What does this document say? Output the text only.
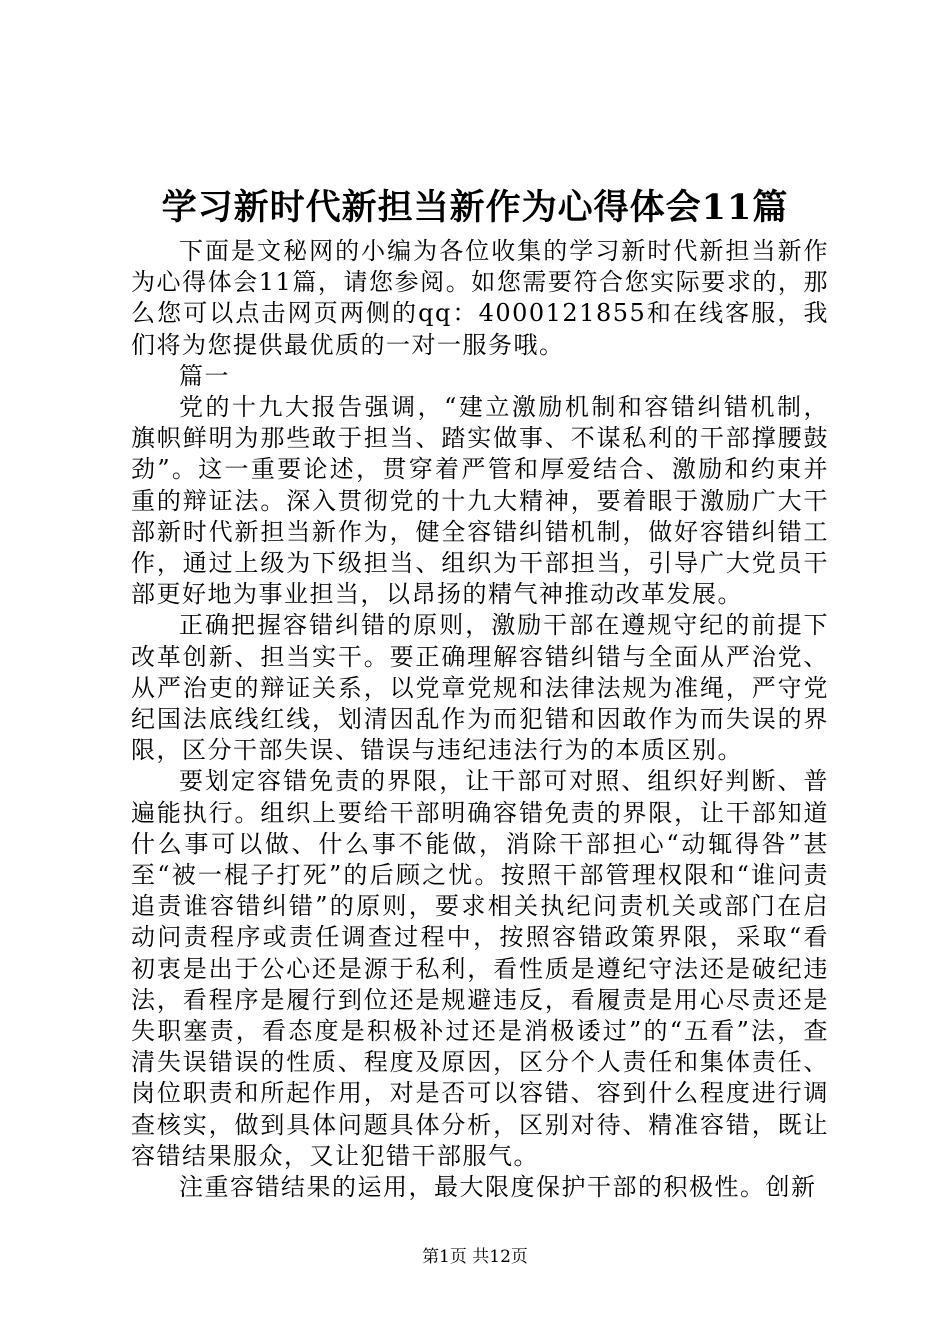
学习新时代新担当新作为心得体会11篇

下面是文秘网的小编为各位收集的学习新时代新担当新作为心得体会11篇，请您参阅。如您需要符合您实际要求的，那么您可以点击网页两侧的qq：4000121855和在线客服，我们将为您提供最优质的一对一服务哦。

篇一

党的十九大报告强调，“建立激励机制和容错纠错机制，旗帜鲜明为那些敢于担当、踏实做事、不谋私利的干部撑腰鼓劲”。这一重要论述，贯穿着严管和厚爱结合、激励和约束并重的辩证法。深入贯彻党的十九大精神，要着眼于激励广大干部新时代新担当新作为，健全容错纠错机制，做好容错纠错工作，通过上级为下级担当、组织为干部担当，引导广大党员干部更好地为事业担当，以昂扬的精气神推动改革发展。

正确把握容错纠错的原则，激励干部在遵规守纪的前提下改革创新、担当实干。要正确理解容错纠错与全面从严治党、从严治吏的辩证关系，以党章党规和法律法规为准绳，严守党纪国法底线红线，划清因乱作为而犯错和因敢作为而失误的界限，区分干部失误、错误与违纪违法行为的本质区别。

要划定容错免责的界限，让干部可对照、组织好判断、普遍能执行。组织上要给干部明确容错免责的界限，让干部知道什么事可以做、什么事不能做，消除干部担心“动辄得咎”甚至“被一棍子打死”的后顾之忧。按照干部管理权限和“谁问责追责谁容错纠错”的原则，要求相关执纪问责机关或部门在启动问责程序或责任调查过程中，按照容错政策界限，采取“看初衷是出于公心还是源于私利，看性质是遵纪守法还是破纪违法，看程序是履行到位还是规避违反，看履责是用心尽责还是失职塞责，看态度是积极补过还是消极诿过”的“五看”法，查清失误错误的性质、程度及原因，区分个人责任和集体责任、岗位职责和所起作用，对是否可以容错、容到什么程度进行调查核实，做到具体问题具体分析，区别对待、精准容错，既让容错结果服众，又让犯错干部服气。

注重容错结果的运用，最大限度保护干部的积极性。创新

第1页 共12页
